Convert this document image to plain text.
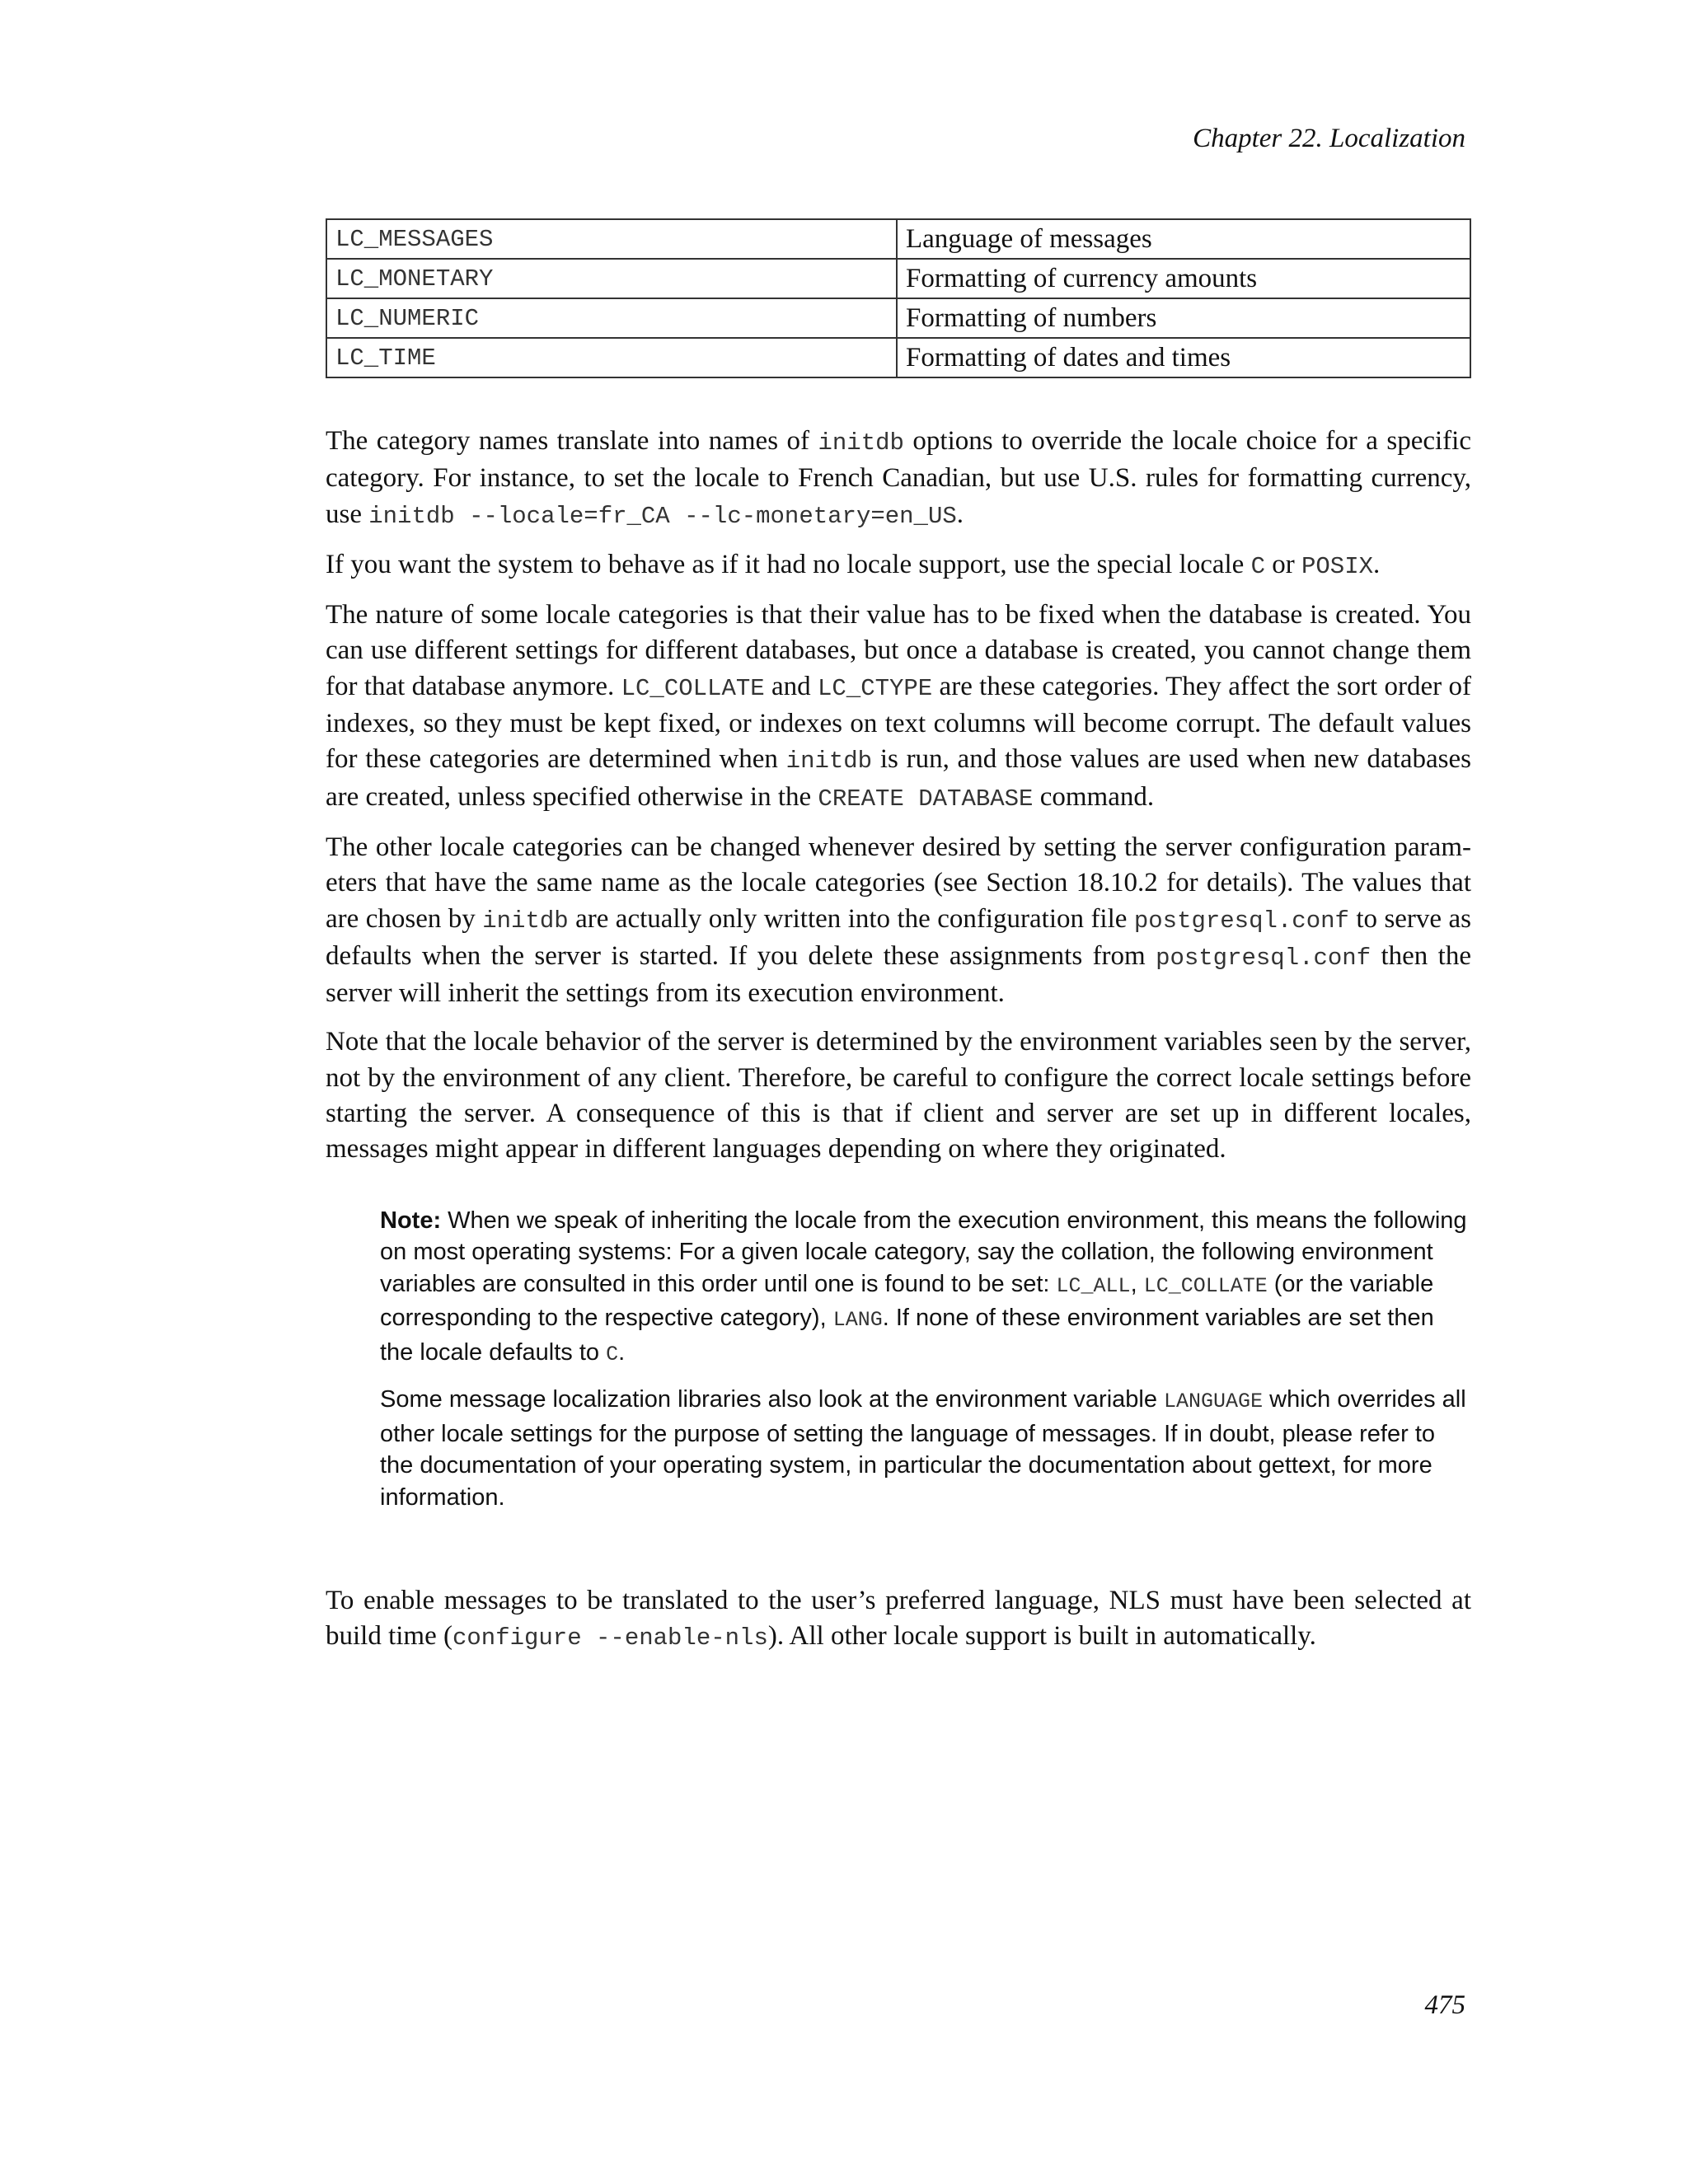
Chapter 22. Localization
LC_MESSAGES	Language of messages
LC_MONETARY	Formatting of currency amounts
LC_NUMERIC	Formatting of numbers
LC_TIME	Formatting of dates and times

The category names translate into names of initdb options to override the locale choice for a specific category. For instance, to set the locale to French Canadian, but use U.S. rules for formatting currency, use initdb --locale=fr_CA --lc-monetary=en_US.

If you want the system to behave as if it had no locale support, use the special locale C or POSIX.

The nature of some locale categories is that their value has to be fixed when the database is created. You can use different settings for different databases, but once a database is created, you cannot change them for that database anymore. LC_COLLATE and LC_CTYPE are these categories. They affect the sort order of indexes, so they must be kept fixed, or indexes on text columns will become corrupt. The default values for these categories are determined when initdb is run, and those values are used when new databases are created, unless specified otherwise in the CREATE DATABASE command.

The other locale categories can be changed whenever desired by setting the server configuration parameters that have the same name as the locale categories (see Section 18.10.2 for details). The values that are chosen by initdb are actually only written into the configuration file postgresql.conf to serve as defaults when the server is started. If you delete these assignments from postgresql.conf then the server will inherit the settings from its execution environment.

Note that the locale behavior of the server is determined by the environment variables seen by the server, not by the environment of any client. Therefore, be careful to configure the correct locale settings before starting the server. A consequence of this is that if client and server are set up in different locales, messages might appear in different languages depending on where they originated.

Note: When we speak of inheriting the locale from the execution environment, this means the following on most operating systems: For a given locale category, say the collation, the following environment variables are consulted in this order until one is found to be set: LC_ALL, LC_COLLATE (or the variable corresponding to the respective category), LANG. If none of these environment variables are set then the locale defaults to C.

Some message localization libraries also look at the environment variable LANGUAGE which overrides all other locale settings for the purpose of setting the language of messages. If in doubt, please refer to the documentation of your operating system, in particular the documentation about gettext, for more information.

To enable messages to be translated to the user’s preferred language, NLS must have been selected at build time (configure --enable-nls). All other locale support is built in automatically.

475
